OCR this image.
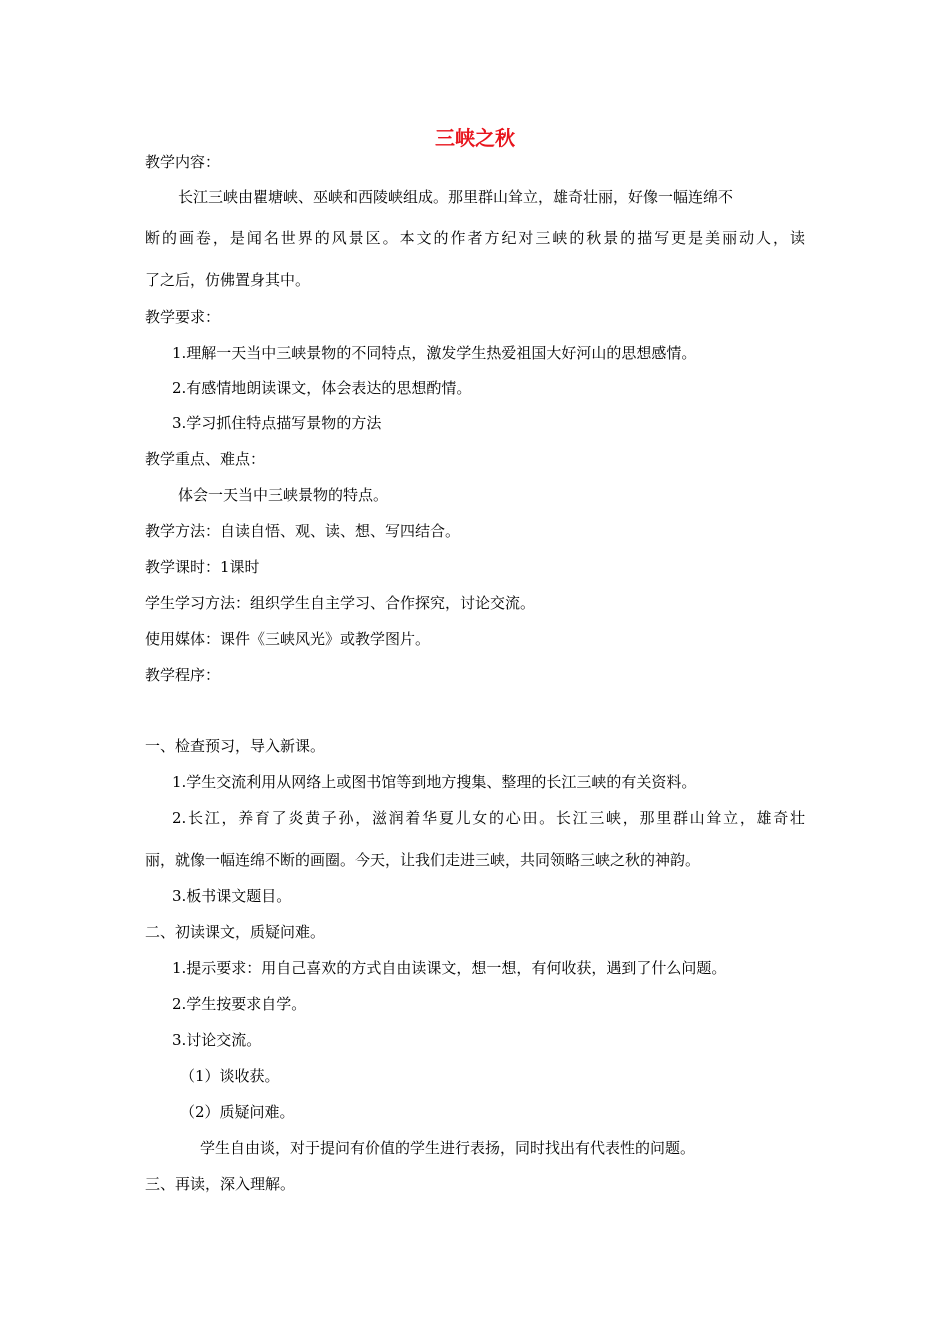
三峡之秋
教学内容：
长江三峡由瞿塘峡、巫峡和西陵峡组成。那里群山耸立，雄奇壮丽，好像一幅连绵不
断的画卷，是闻名世界的风景区。本文的作者方纪对三峡的秋景的描写更是美丽动人，读
了之后，仿佛置身其中。
教学要求：
1.理解一天当中三峡景物的不同特点，激发学生热爱祖国大好河山的思想感情。
2.有感情地朗读课文，体会表达的思想酌情。
3.学习抓住特点描写景物的方法
教学重点、难点：
体会一天当中三峡景物的特点。
教学方法：自读自悟、观、读、想、写四结合。
教学课时：1课时
学生学习方法：组织学生自主学习、合作探究，讨论交流。
使用媒体：课件《三峡风光》或教学图片。
教学程序：
一、检查预习，导入新课。
1.学生交流利用从网络上或图书馆等到地方搜集、整理的长江三峡的有关资料。
2.长江，养育了炎黄子孙，滋润着华夏儿女的心田。长江三峡，那里群山耸立，雄奇壮
丽，就像一幅连绵不断的画圈。今天，让我们走进三峡，共同领略三峡之秋的神韵。
3.板书课文题目。
二、初读课文，质疑问难。
1.提示要求：用自己喜欢的方式自由读课文，想一想，有何收获，遇到了什么问题。
2.学生按要求自学。
3.讨论交流。
（1）谈收获。
（2）质疑问难。
学生自由谈，对于提问有价值的学生进行表扬，同时找出有代表性的问题。
三、再读，深入理解。
